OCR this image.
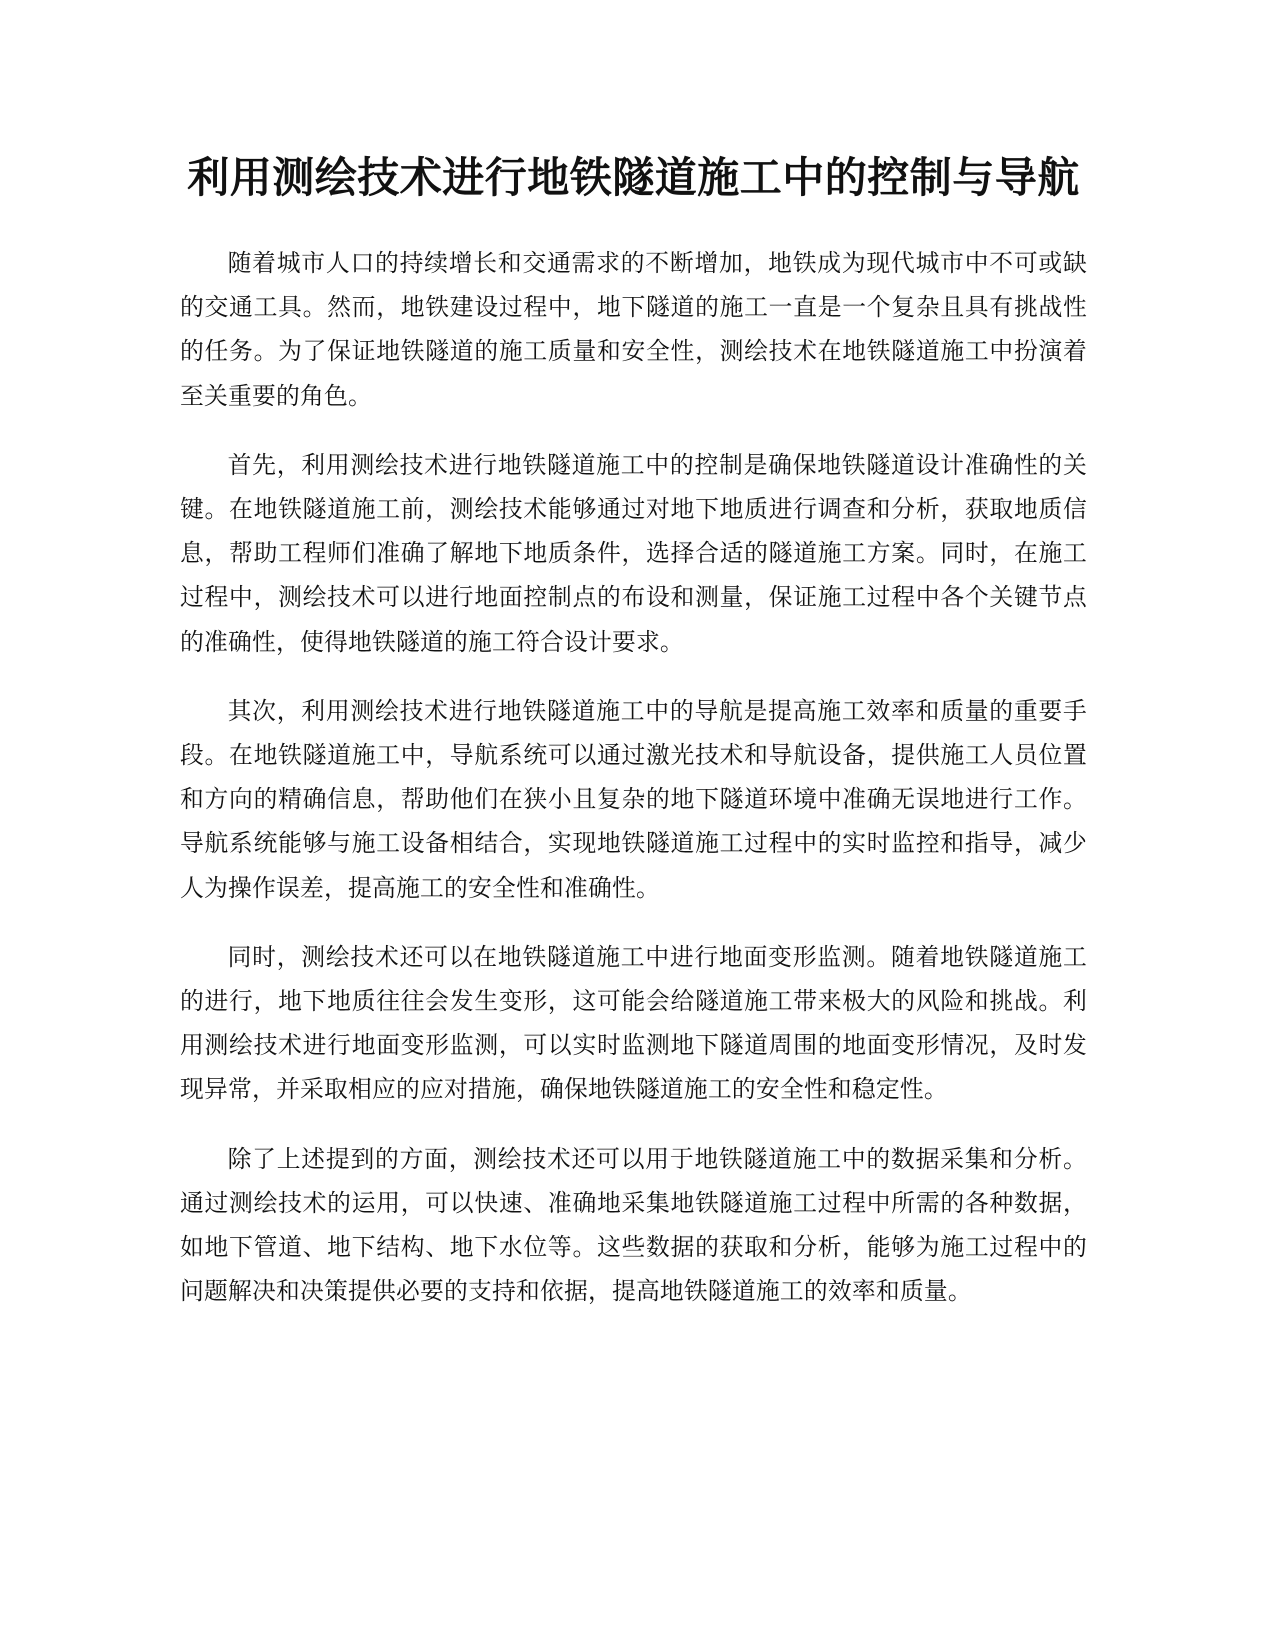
利用测绘技术进行地铁隧道施工中的控制与导航

随着城市人口的持续增长和交通需求的不断增加，地铁成为现代城市中不可或缺的交通工具。然而，地铁建设过程中，地下隧道的施工一直是一个复杂且具有挑战性的任务。为了保证地铁隧道的施工质量和安全性，测绘技术在地铁隧道施工中扮演着至关重要的角色。

首先，利用测绘技术进行地铁隧道施工中的控制是确保地铁隧道设计准确性的关键。在地铁隧道施工前，测绘技术能够通过对地下地质进行调查和分析，获取地质信息，帮助工程师们准确了解地下地质条件，选择合适的隧道施工方案。同时，在施工过程中，测绘技术可以进行地面控制点的布设和测量，保证施工过程中各个关键节点的准确性，使得地铁隧道的施工符合设计要求。

其次，利用测绘技术进行地铁隧道施工中的导航是提高施工效率和质量的重要手段。在地铁隧道施工中，导航系统可以通过激光技术和导航设备，提供施工人员位置和方向的精确信息，帮助他们在狭小且复杂的地下隧道环境中准确无误地进行工作。导航系统能够与施工设备相结合，实现地铁隧道施工过程中的实时监控和指导，减少人为操作误差，提高施工的安全性和准确性。

同时，测绘技术还可以在地铁隧道施工中进行地面变形监测。随着地铁隧道施工的进行，地下地质往往会发生变形，这可能会给隧道施工带来极大的风险和挑战。利用测绘技术进行地面变形监测，可以实时监测地下隧道周围的地面变形情况，及时发现异常，并采取相应的应对措施，确保地铁隧道施工的安全性和稳定性。

除了上述提到的方面，测绘技术还可以用于地铁隧道施工中的数据采集和分析。通过测绘技术的运用，可以快速、准确地采集地铁隧道施工过程中所需的各种数据，如地下管道、地下结构、地下水位等。这些数据的获取和分析，能够为施工过程中的问题解决和决策提供必要的支持和依据，提高地铁隧道施工的效率和质量。
